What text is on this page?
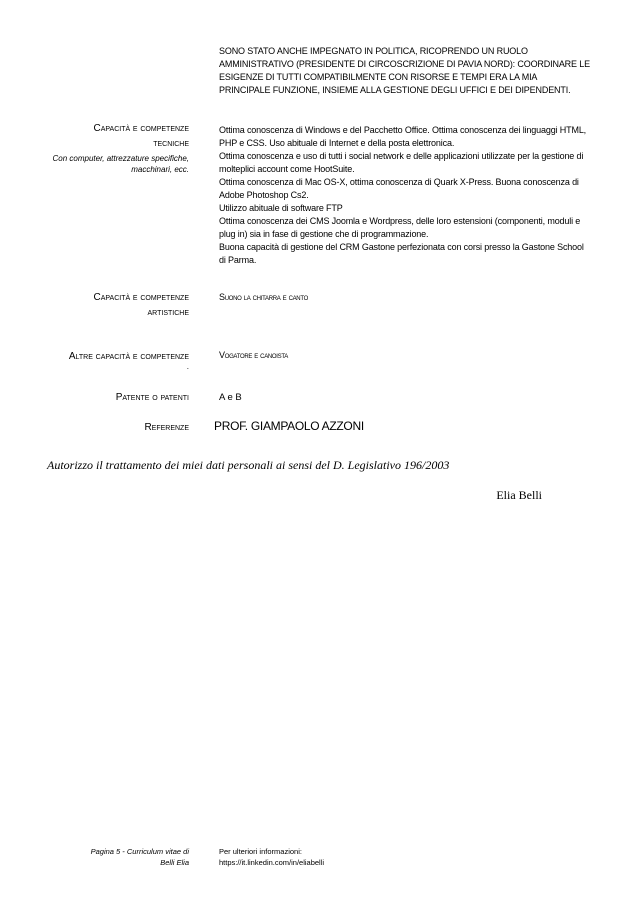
SONO STATO ANCHE IMPEGNATO IN POLITICA, RICOPRENDO UN RUOLO
AMMINISTRATIVO (PRESIDENTE DI CIRCOSCRIZIONE DI PAVIA NORD): COORDINARE LE
ESIGENZE DI TUTTI COMPATIBILMENTE CON RISORSE E TEMPI ERA LA MIA
PRINCIPALE FUNZIONE, INSIEME ALLA GESTIONE DEGLI UFFICI E DEI DIPENDENTI.
Capacità e competenze
tecniche
Con computer, attrezzature specifiche,
macchinari, ecc.
Ottima conoscenza di Windows e del Pacchetto Office. Ottima conoscenza dei linguaggi HTML,
PHP e CSS. Uso abituale di Internet e della posta elettronica.
Ottima conoscenza e uso di tutti i social network e delle applicazioni utilizzate per la gestione di
molteplici account come HootSuite.
Ottima conoscenza di Mac OS-X, ottima conoscenza di Quark X-Press. Buona conoscenza di
Adobe Photoshop Cs2.
Utilizzo abituale di software FTP
Ottima conoscenza dei CMS Joomla e Wordpress, delle loro estensioni (componenti, moduli e
plug in) sia in fase di gestione che di programmazione.
Buona capacità di gestione del CRM Gastone perfezionata con corsi presso la Gastone School
di Parma.
Capacità e competenze
artistiche
Suono la chitarra e canto
Altre capacità e competenze
.
Vogatore e canoista
Patente o patenti	A e B
Referenze PROF. GIAMPAOLO AZZONI
Autorizzo il trattamento dei miei dati personali ai sensi del D. Legislativo 196/2003
Elia Belli
Pagina 5 - Curriculum vitae di
Belli Elia
Per ulteriori informazioni:
https://it.linkedin.com/in/eliabelli
